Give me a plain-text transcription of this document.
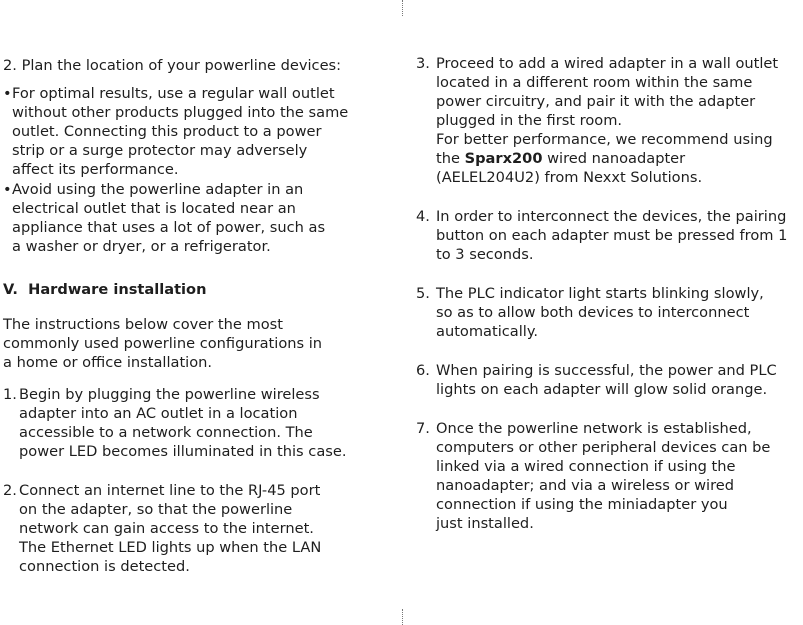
2. Plan the location of your powerline devices:
• For optimal results, use a regular wall outlet
without other products plugged into the same
outlet. Connecting this product to a power
strip or a surge protector may adversely
affect its performance.
• Avoid using the powerline adapter in an
electrical outlet that is located near an
appliance that uses a lot of power, such as
a washer or dryer, or a refrigerator.
V.  Hardware installation
The instructions below cover the most
commonly used powerline configurations in
a home or office installation.
1. Begin by plugging the powerline wireless
adapter into an AC outlet in a location
accessible to a network connection. The
power LED becomes illuminated in this case.
2. Connect an internet line to the RJ-45 port
on the adapter, so that the powerline
network can gain access to the internet.
The Ethernet LED lights up when the LAN
connection is detected.
3. Proceed to add a wired adapter in a wall outlet
located in a different room within the same
power circuitry, and pair it with the adapter
plugged in the first room.
For better performance, we recommend using
the Sparx200 wired nanoadapter
(AELEL204U2) from Nexxt Solutions.
4. In order to interconnect the devices, the pairing
button on each adapter must be pressed from 1
to 3 seconds.
5. The PLC indicator light starts blinking slowly,
so as to allow both devices to interconnect
automatically.
6. When pairing is successful, the power and PLC
lights on each adapter will glow solid orange.
7. Once the powerline network is established,
computers or other peripheral devices can be
linked via a wired connection if using the
nanoadapter; and via a wireless or wired
connection if using the miniadapter you
just installed.
